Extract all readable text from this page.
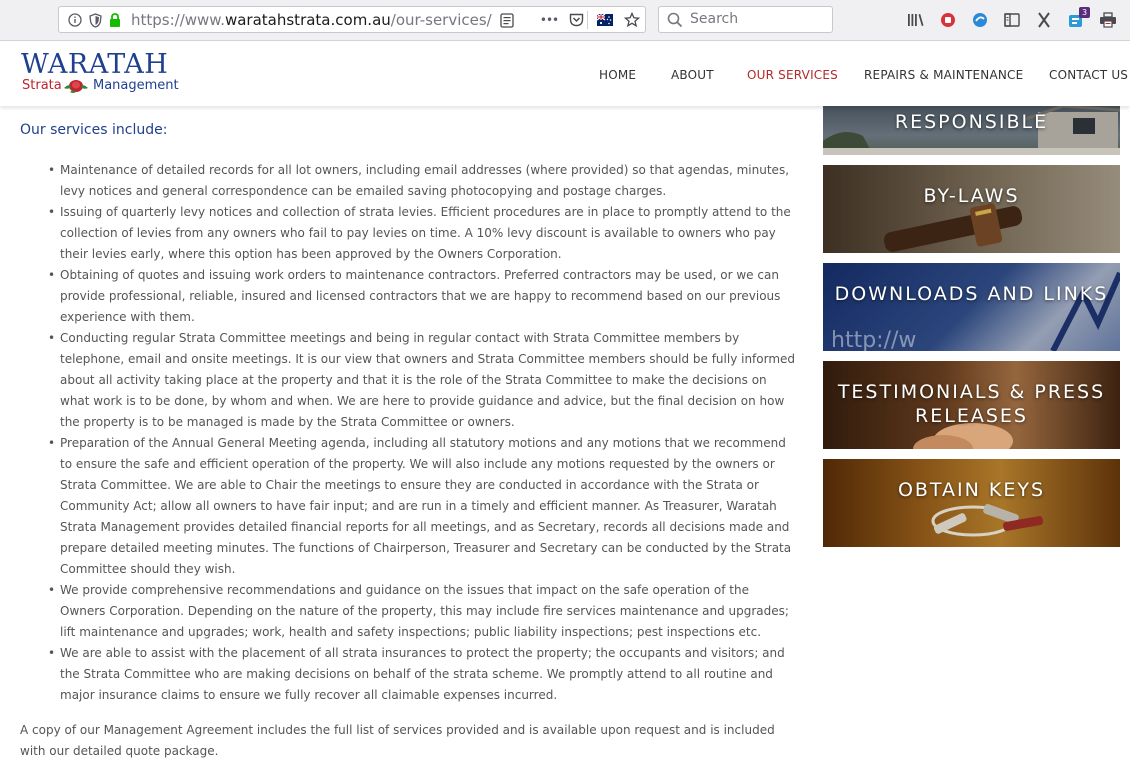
https://www.waratahstrata.com.au/our-services/	•••	Search	3
WARATAH
Strata Management
HOME	ABOUT	OUR SERVICES REPAIRS & MAINTENANCE CONTACT US
Our services include:
• Maintenance of detailed records for all lot owners, including email addresses (where provided) so that agendas, minutes, levy notices and general correspondence can be emailed saving photocopying and postage charges.
• Issuing of quarterly levy notices and collection of strata levies. Efficient procedures are in place to promptly attend to the collection of levies from any owners who fail to pay levies on time. A 10% levy discount is available to owners who pay their levies early, where this option has been approved by the Owners Corporation.
• Obtaining of quotes and issuing work orders to maintenance contractors. Preferred contractors may be used, or we can provide professional, reliable, insured and licensed contractors that we are happy to recommend based on our previous experience with them.
• Conducting regular Strata Committee meetings and being in regular contact with Strata Committee members by telephone, email and onsite meetings. It is our view that owners and Strata Committee members should be fully informed about all activity taking place at the property and that it is the role of the Strata Committee to make the decisions on what work is to be done, by whom and when. We are here to provide guidance and advice, but the final decision on how the property is to be managed is made by the Strata Committee or owners.
• Preparation of the Annual General Meeting agenda, including all statutory motions and any motions that we recommend to ensure the safe and efficient operation of the property. We will also include any motions requested by the owners or Strata Committee. We are able to Chair the meetings to ensure they are conducted in accordance with the Strata or Community Act; allow all owners to have fair input; and are run in a timely and efficient manner. As Treasurer, Waratah Strata Management provides detailed financial reports for all meetings, and as Secretary, records all decisions made and prepare detailed meeting minutes. The functions of Chairperson, Treasurer and Secretary can be conducted by the Strata Committee should they wish.
• We provide comprehensive recommendations and guidance on the issues that impact on the safe operation of the Owners Corporation. Depending on the nature of the property, this may include fire services maintenance and upgrades; lift maintenance and upgrades; work, health and safety inspections; public liability inspections; pest inspections etc.
• We are able to assist with the placement of all strata insurances to protect the property; the occupants and visitors; and the Strata Committee who are making decisions on behalf of the strata scheme. We promptly attend to all routine and major insurance claims to ensure we fully recover all claimable expenses incurred.
A copy of our Management Agreement includes the full list of services provided and is available upon request and is included with our detailed quote package.
RESPONSIBLE
BY-LAWS
http://w
DOWNLOADS AND LINKS
TESTIMONIALS & PRESS RELEASES
OBTAIN KEYS
